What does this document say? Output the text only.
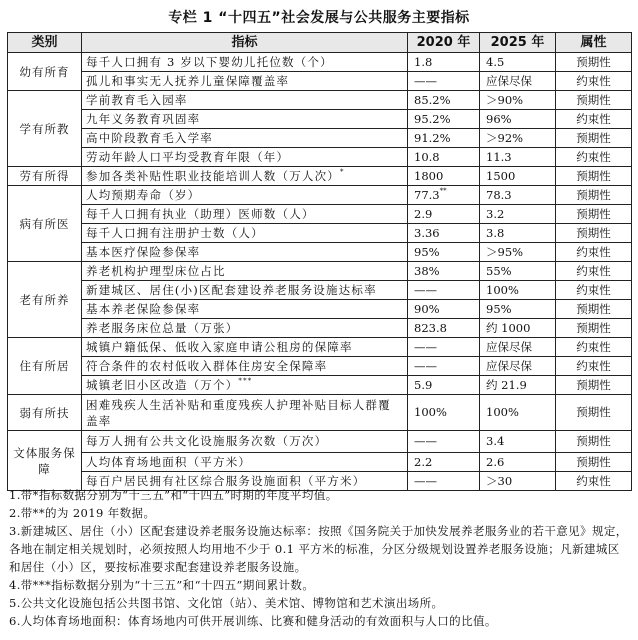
专栏 1 “十四五”社会发展与公共服务主要指标
类别	指标	2020 年	2025 年	属性
幼有所育	每千人口拥有 3 岁以下婴幼儿托位数（个）	1.8	4.5	预期性
	孤儿和事实无人抚养儿童保障覆盖率	——	应保尽保	约束性
学有所教	学前教育毛入园率	85.2%	＞90%	预期性
	九年义务教育巩固率	95.2%	96%	约束性
	高中阶段教育毛入学率	91.2%	＞92%	预期性
	劳动年龄人口平均受教育年限（年）	10.8	11.3	约束性
劳有所得	参加各类补贴性职业技能培训人数（万人次）*	1800	1500	预期性
病有所医	人均预期寿命（岁）	77.3**	78.3	预期性
	每千人口拥有执业（助理）医师数（人）	2.9	3.2	预期性
	每千人口拥有注册护士数（人）	3.36	3.8	预期性
	基本医疗保险参保率	95%	＞95%	约束性
老有所养	养老机构护理型床位占比	38%	55%	约束性
	新建城区、居住(小)区配套建设养老服务设施达标率	——	100%	约束性
	基本养老保险参保率	90%	95%	预期性
	养老服务床位总量（万张）	823.8	约 1000	预期性
住有所居	城镇户籍低保、低收入家庭申请公租房的保障率	——	应保尽保	约束性
	符合条件的农村低收入群体住房安全保障率	——	应保尽保	约束性
	城镇老旧小区改造（万个）***	5.9	约 21.9	预期性
弱有所扶	困难残疾人生活补贴和重度残疾人护理补贴目标人群覆盖率	100%	100%	预期性
文体服务保障	每万人拥有公共文化设施服务次数（万次）	——	3.4	预期性
	人均体育场地面积（平方米）	2.2	2.6	预期性
	每百户居民拥有社区综合服务设施面积（平方米）	——	＞30	约束性
1.带*指标数据分别为“十三五”和“十四五”时期的年度平均值。
2.带**的为 2019 年数据。
3.新建城区、居住（小）区配套建设养老服务设施达标率：按照《国务院关于加快发展养老服务业的若干意见》规定，各地在制定相关规划时，必须按照人均用地不少于 0.1 平方米的标准，分区分级规划设置养老服务设施；凡新建城区和居住（小）区，要按标准要求配套建设养老服务设施。
4.带***指标数据分别为“十三五”和“十四五”期间累计数。
5.公共文化设施包括公共图书馆、文化馆（站）、美术馆、博物馆和艺术演出场所。
6.人均体育场地面积：体育场地内可供开展训练、比赛和健身活动的有效面积与人口的比值。
